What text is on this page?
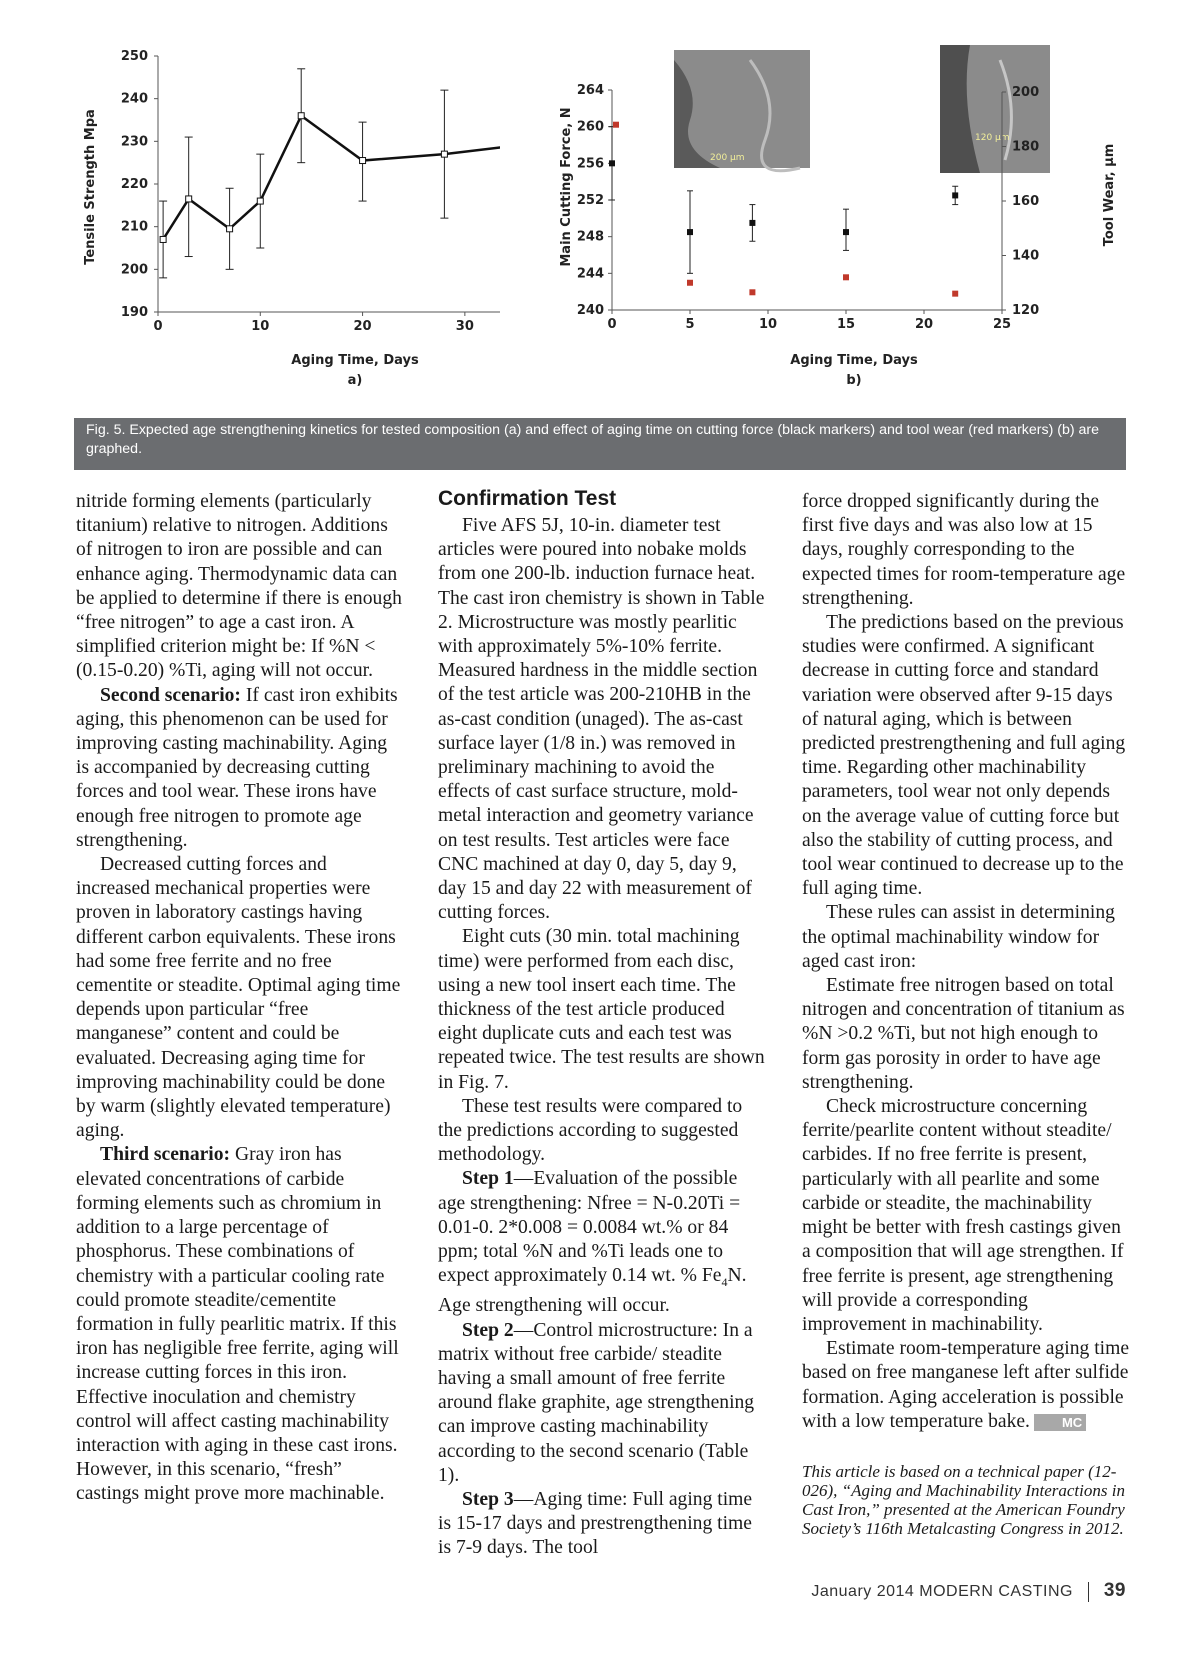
190
200
210
220
230
240
250
0	10	20	30
Aging Time, Days
a)
Tensile Strength Mpa	200 µm
120 µm
240
244
248
252
256
260
264
120
140
160
180
200
0	5	10	15	20	25
Aging Time, Days
b)
Main Cutting Force, N	Tool Wear, µm
Fig. 5. Expected age strengthening kinetics for tested composition (a) and effect of aging time on cutting force (black markers) and tool wear (red markers) (b) are graphed.

nitride forming elements (particularly titanium) relative to nitrogen. Additions of nitrogen to iron are possible and can enhance aging. Thermodynamic data can be applied to determine if there is enough “free nitrogen” to age a cast iron. A simplified criterion might be: If %N < (0.15-0.20) %Ti, aging will not occur.

Second scenario: If cast iron exhibits aging, this phenomenon can be used for improving casting machinability. Aging is accompanied by decreasing cutting forces and tool wear. These irons have enough free nitrogen to promote age strengthening.

Decreased cutting forces and increased mechanical properties were proven in laboratory castings having different carbon equivalents. These irons had some free ferrite and no free cementite or steadite. Optimal aging time depends upon particular “free manganese” content and could be evaluated. Decreasing aging time for improving machinability could be done by warm (slightly elevated temperature) aging.

Third scenario: Gray iron has elevated concentrations of carbide forming elements such as chromium in addition to a large percentage of phosphorus. These combinations of chemistry with a particular cooling rate could promote steadite/cementite formation in fully pearlitic matrix. If this iron has negligible free ferrite, aging will increase cutting forces in this iron. Effective inoculation and chemistry control will affect casting machinability interaction with aging in these cast irons. However, in this scenario, “fresh” castings might prove more machinable.

Confirmation Test

Five AFS 5J, 10-in. diameter test articles were poured into nobake molds from one 200-lb. induction furnace heat. The cast iron chemistry is shown in Table 2. Microstructure was mostly pearlitic with approximately 5%-10% ferrite. Measured hardness in the middle section of the test article was 200-210HB in the as-cast condition (unaged). The as-cast surface layer (1/8 in.) was removed in preliminary machining to avoid the effects of cast surface structure, mold-metal interaction and geometry variance on test results. Test articles were face CNC machined at day 0, day 5, day 9, day 15 and day 22 with measurement of cutting forces.

Eight cuts (30 min. total machining time) were performed from each disc, using a new tool insert each time. The thickness of the test article produced eight duplicate cuts and each test was repeated twice. The test results are shown in Fig. 7.

These test results were compared to the predictions according to suggested methodology.

Step 1—Evaluation of the possible age strengthening: Nfree = N-0.20Ti = 0.01-0. 2*0.008 = 0.0084 wt.% or 84 ppm; total %N and %Ti leads one to expect approximately 0.14 wt. % $Fe_4N$. Age strengthening will occur.

Step 2—Control microstructure: In a matrix without free carbide/ steadite having a small amount of free ferrite around flake graphite, age strengthening can improve casting machinability according to the second scenario (Table 1).

Step 3—Aging time: Full aging time is 15-17 days and prestrengthening time is 7-9 days. The tool

force dropped significantly during the first five days and was also low at 15 days, roughly corresponding to the expected times for room-temperature age strengthening.

The predictions based on the previous studies were confirmed. A significant decrease in cutting force and standard variation were observed after 9-15 days of natural aging, which is between predicted prestrengthening and full aging time. Regarding other machinability parameters, tool wear not only depends on the average value of cutting force but also the stability of cutting process, and tool wear continued to decrease up to the full aging time.

These rules can assist in determining the optimal machinability window for aged cast iron:

Estimate free nitrogen based on total nitrogen and concentration of titanium as %N >0.2 %Ti, but not high enough to form gas porosity in order to have age strengthening.

Check microstructure concerning ferrite/pearlite content without steadite/ carbides. If no free ferrite is present, particularly with all pearlite and some carbide or steadite, the machinability might be better with fresh castings given a composition that will age strengthen. If free ferrite is present, age strengthening will provide a corresponding improvement in machinability.

Estimate room-temperature aging time based on free manganese left after sulfide formation. Aging acceleration is possible with a low temperature bake. MC

This article is based on a technical paper (12-026), “Aging and Machinability Interactions in Cast Iron,” presented at the American Foundry Society’s 116th Metalcasting Congress in 2012.

January 2014 MODERN CASTING 39
